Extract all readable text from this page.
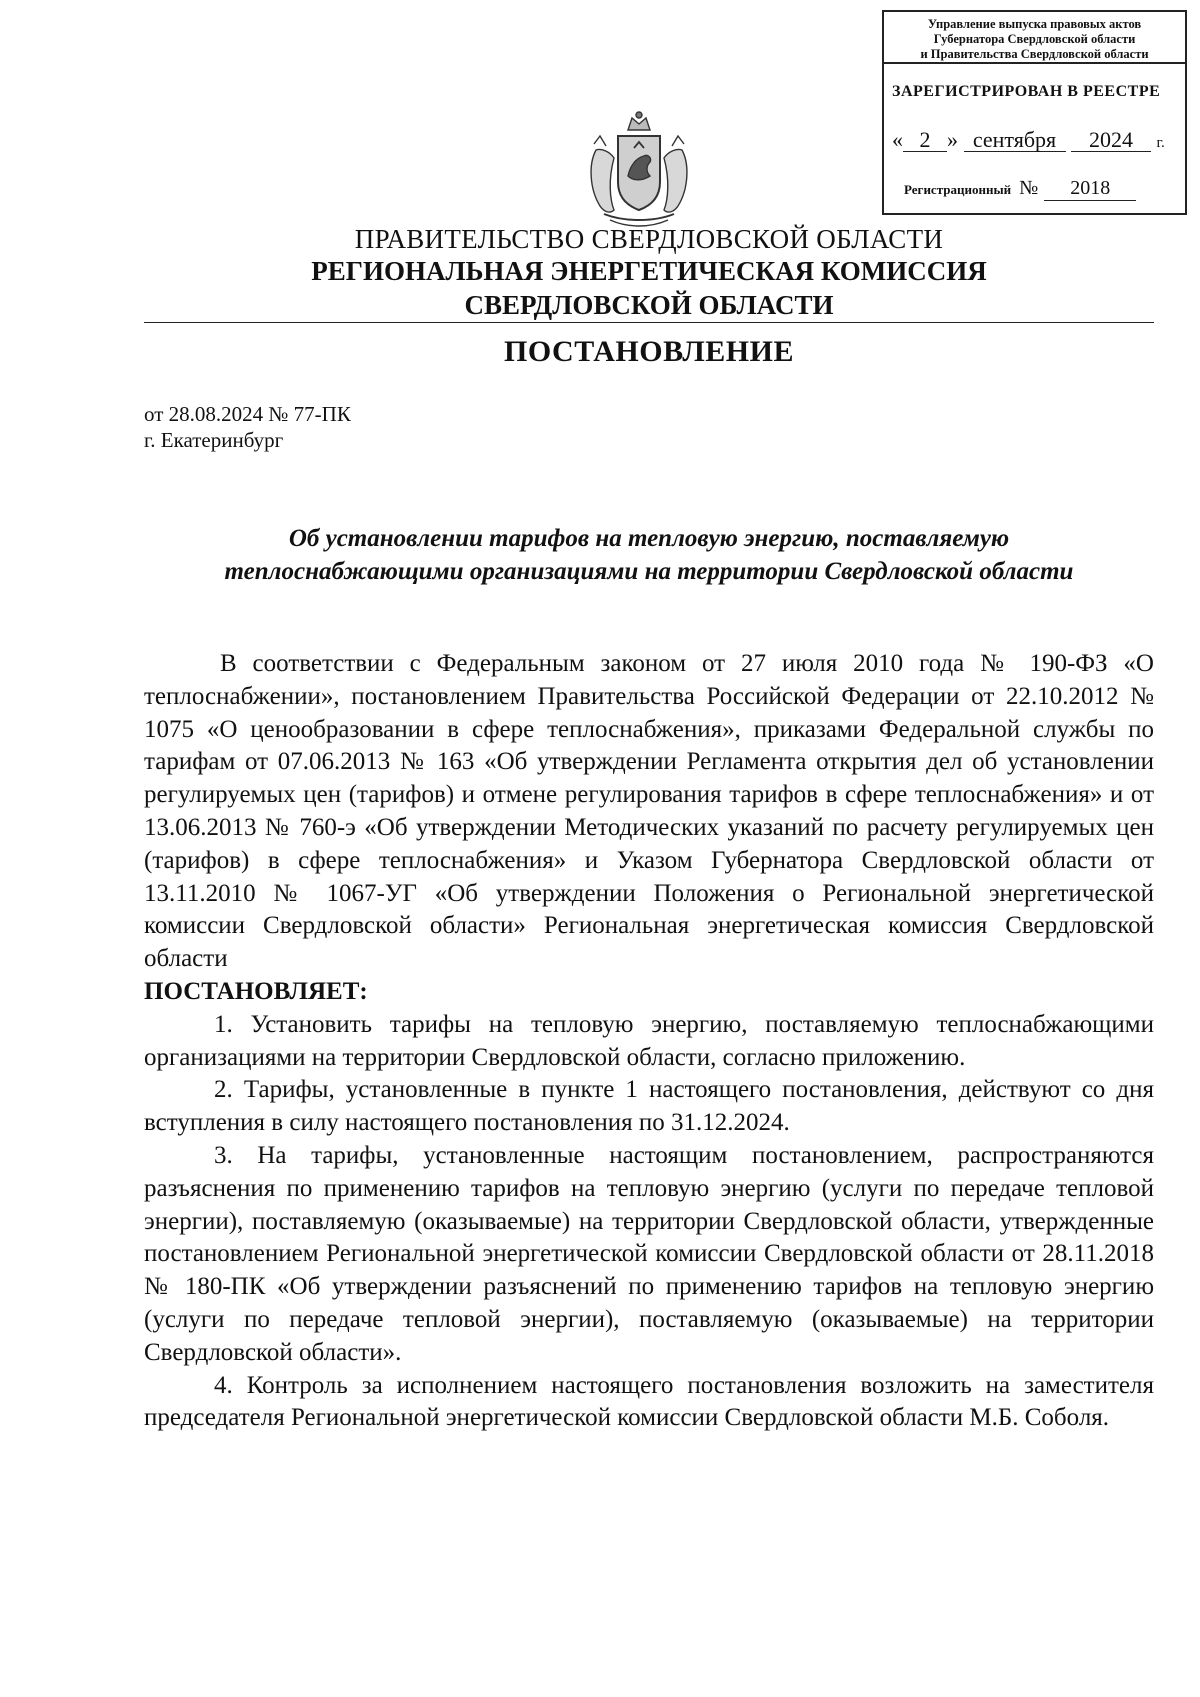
Управление выпуска правовых актов
Губернатора Свердловской области
и Правительства Свердловской области
ЗАРЕГИСТРИРОВАН В РЕЕСТРЕ
« 2 » сентября 2024 г.
Регистрационный № 2018
ПРАВИТЕЛЬСТВО СВЕРДЛОВСКОЙ ОБЛАСТИ
РЕГИОНАЛЬНАЯ ЭНЕРГЕТИЧЕСКАЯ КОМИССИЯ
СВЕРДЛОВСКОЙ ОБЛАСТИ
ПОСТАНОВЛЕНИЕ
от 28.08.2024 № 77-ПК
г. Екатеринбург
Об установлении тарифов на тепловую энергию, поставляемую
теплоснабжающими организациями на территории Свердловской области

В соответствии с Федеральным законом от 27 июля 2010 года № 190-ФЗ «О теплоснабжении», постановлением Правительства Российской Федерации от 22.10.2012 № 1075 «О ценообразовании в сфере теплоснабжения», приказами Федеральной службы по тарифам от 07.06.2013 № 163 «Об утверждении Регламента открытия дел об установлении регулируемых цен (тарифов) и отмене регулирования тарифов в сфере теплоснабжения» и от 13.06.2013 № 760-э «Об утверждении Методических указаний по расчету регулируемых цен (тарифов) в сфере теплоснабжения» и Указом Губернатора Свердловской области от 13.11.2010 № 1067-УГ «Об утверждении Положения о Региональной энергетической комиссии Свердловской области» Региональная энергетическая комиссия Свердловской области

ПОСТАНОВЛЯЕТ:

1. Установить тарифы на тепловую энергию, поставляемую теплоснабжающими организациями на территории Свердловской области, согласно приложению.

2. Тарифы, установленные в пункте 1 настоящего постановления, действуют со дня вступления в силу настоящего постановления по 31.12.2024.

3. На тарифы, установленные настоящим постановлением, распространяются разъяснения по применению тарифов на тепловую энергию (услуги по передаче тепловой энергии), поставляемую (оказываемые) на территории Свердловской области, утвержденные постановлением Региональной энергетической комиссии Свердловской области от 28.11.2018 № 180-ПК «Об утверждении разъяснений по применению тарифов на тепловую энергию (услуги по передаче тепловой энергии), поставляемую (оказываемые) на территории Свердловской области».

4. Контроль за исполнением настоящего постановления возложить на заместителя председателя Региональной энергетической комиссии Свердловской области М.Б. Соболя.
